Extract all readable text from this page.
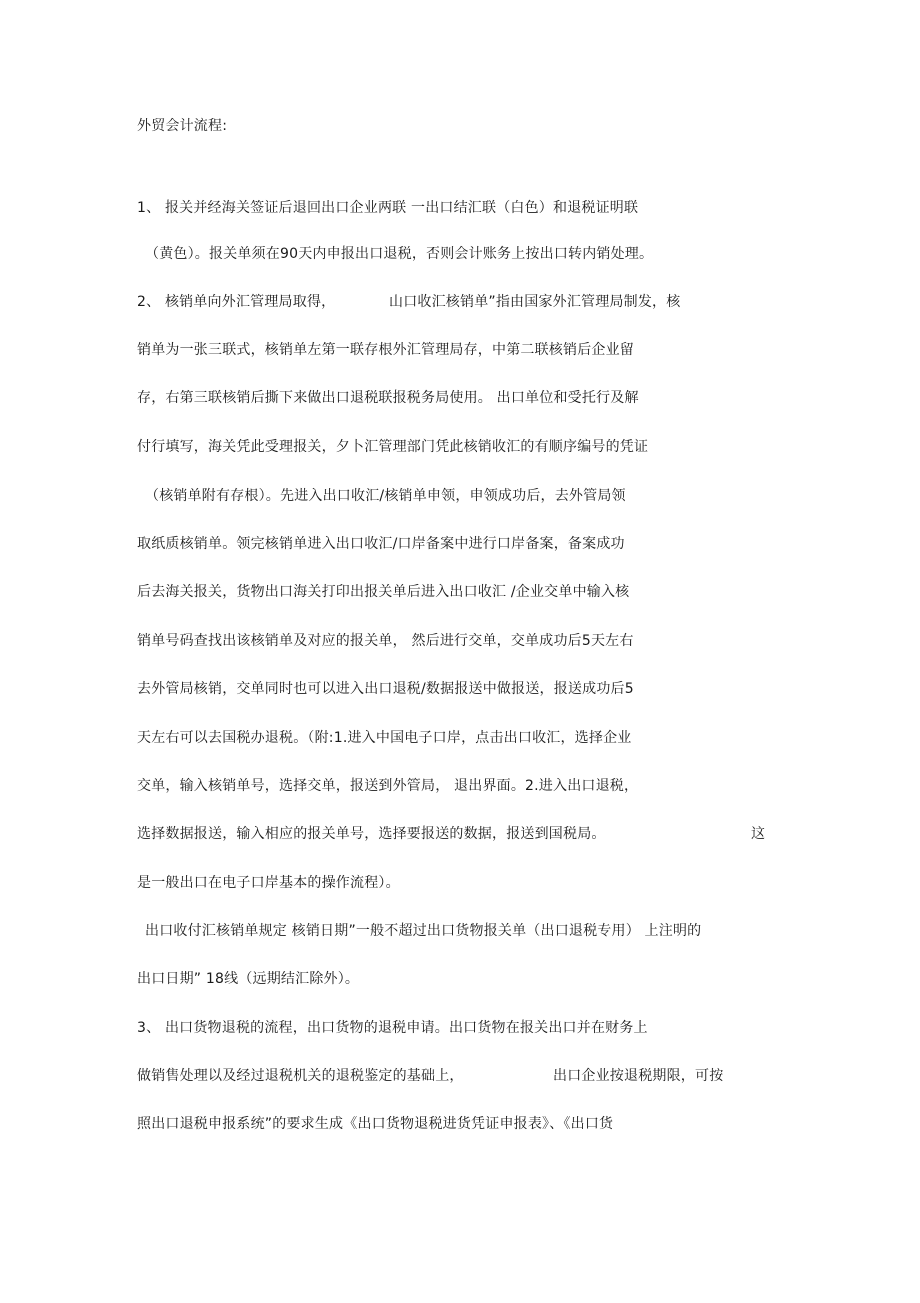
外贸会计流程:
1、 报关并经海关签证后退回出口企业两联 一出口结汇联（白色）和退税证明联
（黄色）。报关单须在90天内申报出口退税，否则会计账务上按出口转内销处理。
2、 核销单向外汇管理局取得，	山口收汇核销单”指由国家外汇管理局制发，核
销单为一张三联式，核销单左第一联存根外汇管理局存，中第二联核销后企业留
存，右第三联核销后撕下来做出口退税联报税务局使用。 出口单位和受托行及解
付行填写，海关凭此受理报关，夕卜汇管理部门凭此核销收汇的有顺序编号的凭证
（核销单附有存根）。先进入出口收汇/核销单申领，申领成功后，去外管局领
取纸质核销单。领完核销单进入出口收汇/口岸备案中进行口岸备案，备案成功
后去海关报关，货物出口海关打印出报关单后进入出口收汇 /企业交单中输入核
销单号码查找出该核销单及对应的报关单， 然后进行交单，交单成功后5天左右
去外管局核销，交单同时也可以进入出口退税/数据报送中做报送，报送成功后5
天左右可以去国税办退税。（附:1.进入中国电子口岸，点击出口收汇，选择企业
交单，输入核销单号，选择交单，报送到外管局， 退出界面。2.进入出口退税，
选择数据报送，输入相应的报关单号，选择要报送的数据，报送到国税局。	这
是一般出口在电子口岸基本的操作流程）。
出口收付汇核销单规定 核销日期”一般不超过出口货物报关单（出口退税专用） 上注明的
出口日期” 18线（远期结汇除外）。
3、 出口货物退税的流程，出口货物的退税申请。出口货物在报关出口并在财务上
做销售处理以及经过退税机关的退税鉴定的基础上，	出口企业按退税期限，可按
照出口退税申报系统”的要求生成《出口货物退税进货凭证申报表》、《出口货
